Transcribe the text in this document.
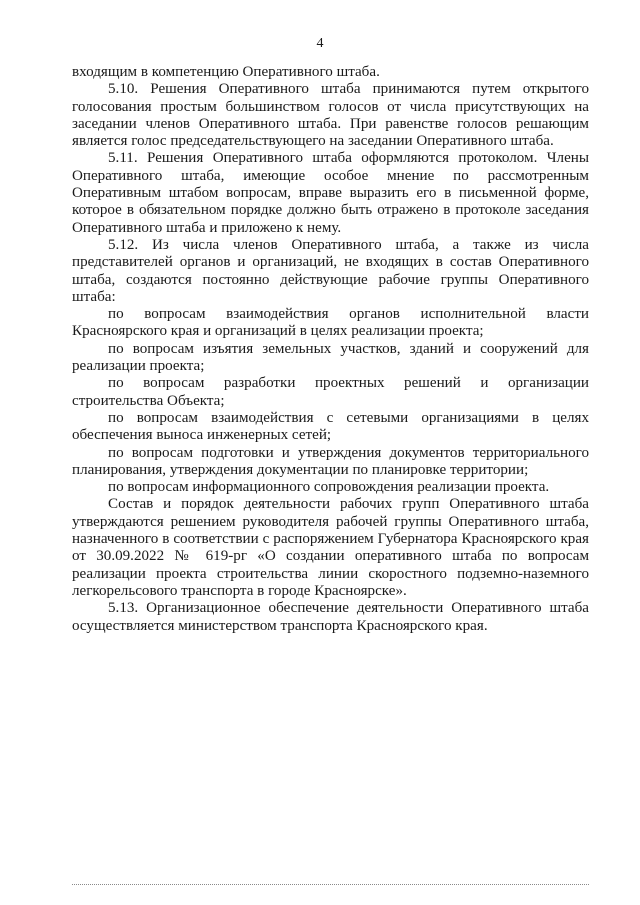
4

входящим в компетенцию Оперативного штаба.

5.10. Решения Оперативного штаба принимаются путем открытого голосования простым большинством голосов от числа присутствующих на заседании членов Оперативного штаба. При равенстве голосов решающим является голос председательствующего на заседании Оперативного штаба.

5.11. Решения Оперативного штаба оформляются протоколом. Члены Оперативного штаба, имеющие особое мнение по рассмотренным Оперативным штабом вопросам, вправе выразить его в письменной форме, которое в обязательном порядке должно быть отражено в протоколе заседания Оперативного штаба и приложено к нему.

5.12. Из числа членов Оперативного штаба, а также из числа представителей органов и организаций, не входящих в состав Оперативного штаба, создаются постоянно действующие рабочие группы Оперативного штаба:

по вопросам взаимодействия органов исполнительной власти Красноярского края и организаций в целях реализации проекта;

по вопросам изъятия земельных участков, зданий и сооружений для реализации проекта;

по вопросам разработки проектных решений и организации строительства Объекта;

по вопросам взаимодействия с сетевыми организациями в целях обеспечения выноса инженерных сетей;

по вопросам подготовки и утверждения документов территориального планирования, утверждения документации по планировке территории;

по вопросам информационного сопровождения реализации проекта.

Состав и порядок деятельности рабочих групп Оперативного штаба утверждаются решением руководителя рабочей группы Оперативного штаба, назначенного в соответствии с распоряжением Губернатора Красноярского края от 30.09.2022 № 619-рг «О создании оперативного штаба по вопросам реализации проекта строительства линии скоростного подземно-наземного легкорельсового транспорта в городе Красноярске».

5.13. Организационное обеспечение деятельности Оперативного штаба осуществляется министерством транспорта Красноярского края.
